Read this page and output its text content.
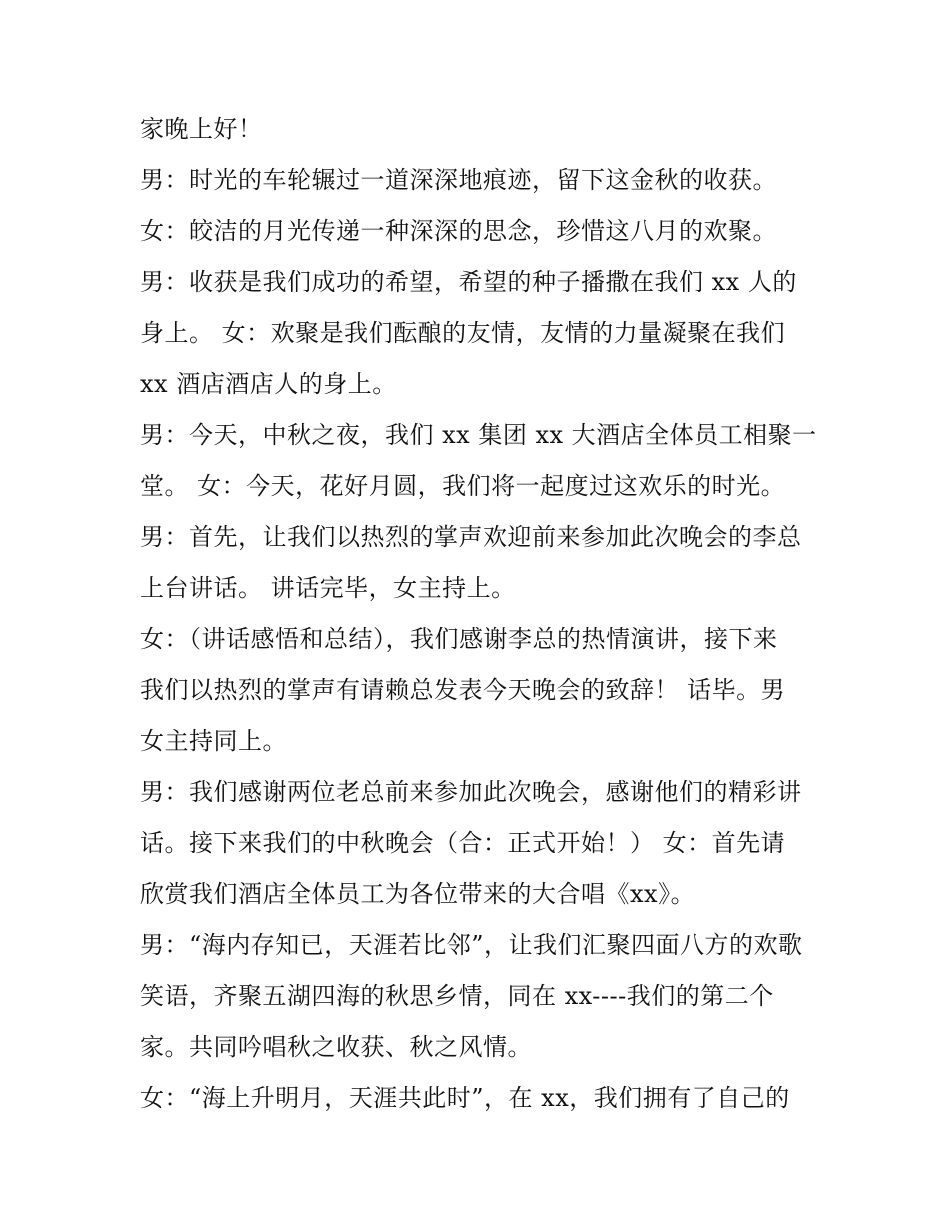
家晚上好！
男：时光的车轮辗过一道深深地痕迹，留下这金秋的收获。
女：皎洁的月光传递一种深深的思念，珍惜这八月的欢聚。
男：收获是我们成功的希望，希望的种子播撒在我们 xx 人的
身上。 女：欢聚是我们酝酿的友情，友情的力量凝聚在我们
xx 酒店酒店人的身上。
男：今天，中秋之夜，我们 xx 集团 xx 大酒店全体员工相聚一
堂。 女：今天，花好月圆，我们将一起度过这欢乐的时光。
男：首先，让我们以热烈的掌声欢迎前来参加此次晚会的李总
上台讲话。 讲话完毕，女主持上。
女：（讲话感悟和总结），我们感谢李总的热情演讲，接下来
我们以热烈的掌声有请赖总发表今天晚会的致辞！ 话毕。男
女主持同上。
男：我们感谢两位老总前来参加此次晚会，感谢他们的精彩讲
话。接下来我们的中秋晚会（合：正式开始！） 女：首先请
欣赏我们酒店全体员工为各位带来的大合唱《xx》。
男：“海内存知已，天涯若比邻”，让我们汇聚四面八方的欢歌
笑语，齐聚五湖四海的秋思乡情，同在 xx----我们的第二个
家。共同吟唱秋之收获、秋之风情。
女：“海上升明月，天涯共此时”，在 xx，我们拥有了自己的
